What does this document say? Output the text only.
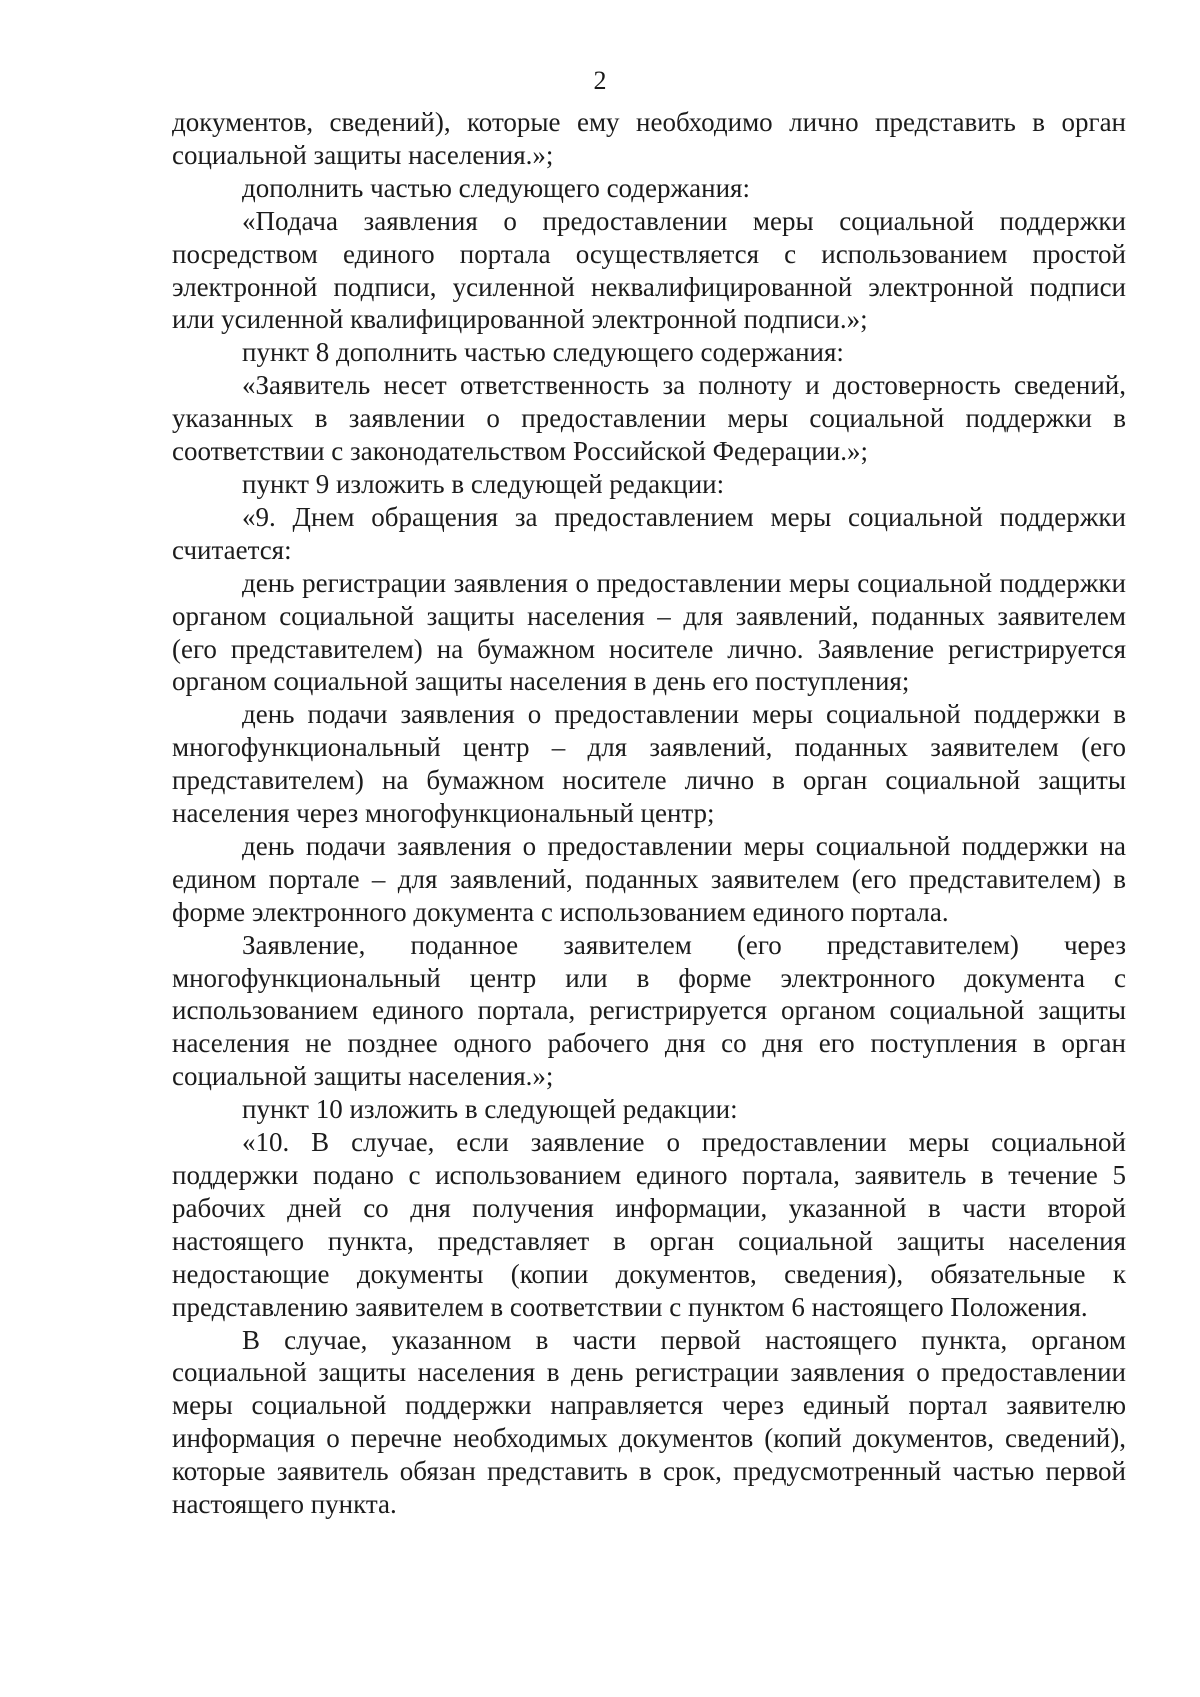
2

документов, сведений), которые ему необходимо лично представить в орган социальной защиты населения.»;

дополнить частью следующего содержания:

«Подача заявления о предоставлении меры социальной поддержки посредством единого портала осуществляется с использованием простой электронной подписи, усиленной неквалифицированной электронной подписи или усиленной квалифицированной электронной подписи.»;

пункт 8 дополнить частью следующего содержания:

«Заявитель несет ответственность за полноту и достоверность сведений, указанных в заявлении о предоставлении меры социальной поддержки в соответствии с законодательством Российской Федерации.»;

пункт 9 изложить в следующей редакции:

«9. Днем обращения за предоставлением меры социальной поддержки считается:

день регистрации заявления о предоставлении меры социальной поддержки органом социальной защиты населения – для заявлений, поданных заявителем (его представителем) на бумажном носителе лично. Заявление регистрируется органом социальной защиты населения в день его поступления;

день подачи заявления о предоставлении меры социальной поддержки в многофункциональный центр – для заявлений, поданных заявителем (его представителем) на бумажном носителе лично в орган социальной защиты населения через многофункциональный центр;

день подачи заявления о предоставлении меры социальной поддержки на едином портале – для заявлений, поданных заявителем (его представителем) в форме электронного документа с использованием единого портала.

Заявление, поданное заявителем (его представителем) через многофункциональный центр или в форме электронного документа с использованием единого портала, регистрируется органом социальной защиты населения не позднее одного рабочего дня со дня его поступления в орган социальной защиты населения.»;

пункт 10 изложить в следующей редакции:

«10. В случае, если заявление о предоставлении меры социальной поддержки подано с использованием единого портала, заявитель в течение 5 рабочих дней со дня получения информации, указанной в части второй настоящего пункта, представляет в орган социальной защиты населения недостающие документы (копии документов, сведения), обязательные к представлению заявителем в соответствии с пунктом 6 настоящего Положения.

В случае, указанном в части первой настоящего пункта, органом социальной защиты населения в день регистрации заявления о предоставлении меры социальной поддержки направляется через единый портал заявителю информация о перечне необходимых документов (копий документов, сведений), которые заявитель обязан представить в срок, предусмотренный частью первой настоящего пункта.
